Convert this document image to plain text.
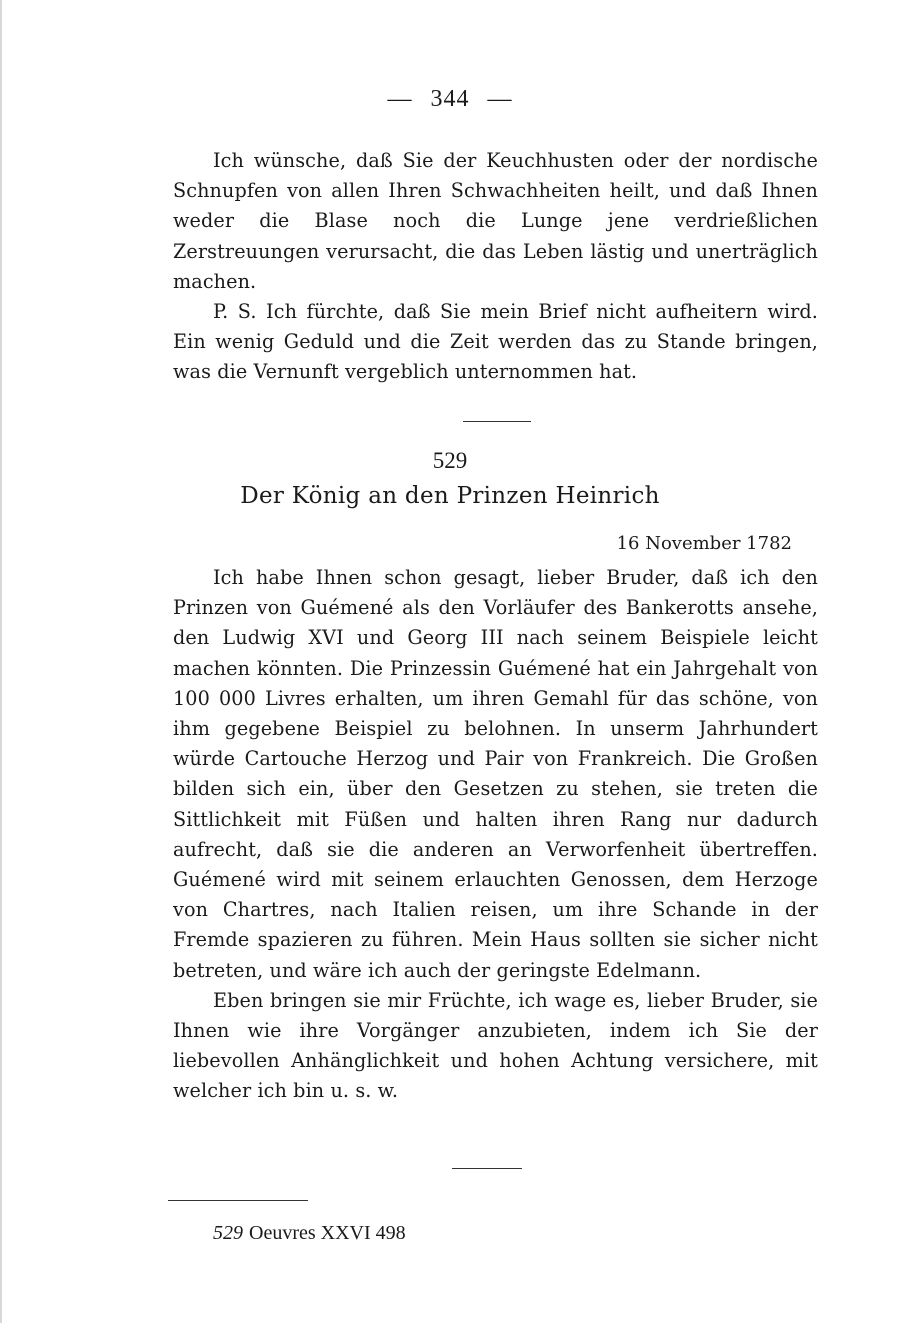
— 344 —

Ich wünsche, daß Sie der Keuchhusten oder der nordische Schnupfen von allen Ihren Schwachheiten heilt, und daß Ihnen weder die Blase noch die Lunge jene verdrießlichen Zerstreuungen verursacht, die das Leben lästig und unerträglich machen.

P. S. Ich fürchte, daß Sie mein Brief nicht aufheitern wird. Ein wenig Geduld und die Zeit werden das zu Stande bringen, was die Vernunft vergeblich unternommen hat.

529
Der König an den Prinzen Heinrich
16 November 1782

Ich habe Ihnen schon gesagt, lieber Bruder, daß ich den Prinzen von Guémené als den Vorläufer des Bankerotts ansehe, den Ludwig XVI und Georg III nach seinem Beispiele leicht machen könnten. Die Prinzessin Guémené hat ein Jahrgehalt von 100 000 Livres erhalten, um ihren Gemahl für das schöne, von ihm gegebene Beispiel zu belohnen. In unserm Jahrhundert würde Cartouche Herzog und Pair von Frankreich. Die Großen bilden sich ein, über den Gesetzen zu stehen, sie treten die Sittlichkeit mit Füßen und halten ihren Rang nur dadurch aufrecht, daß sie die anderen an Verworfenheit übertreffen. Guémené wird mit seinem erlauchten Genossen, dem Herzoge von Chartres, nach Italien reisen, um ihre Schande in der Fremde spazieren zu führen. Mein Haus sollten sie sicher nicht betreten, und wäre ich auch der geringste Edelmann.

Eben bringen sie mir Früchte, ich wage es, lieber Bruder, sie Ihnen wie ihre Vorgänger anzubieten, indem ich Sie der liebevollen Anhänglichkeit und hohen Achtung versichere, mit welcher ich bin u. s. w.

529 Oeuvres XXVI 498
